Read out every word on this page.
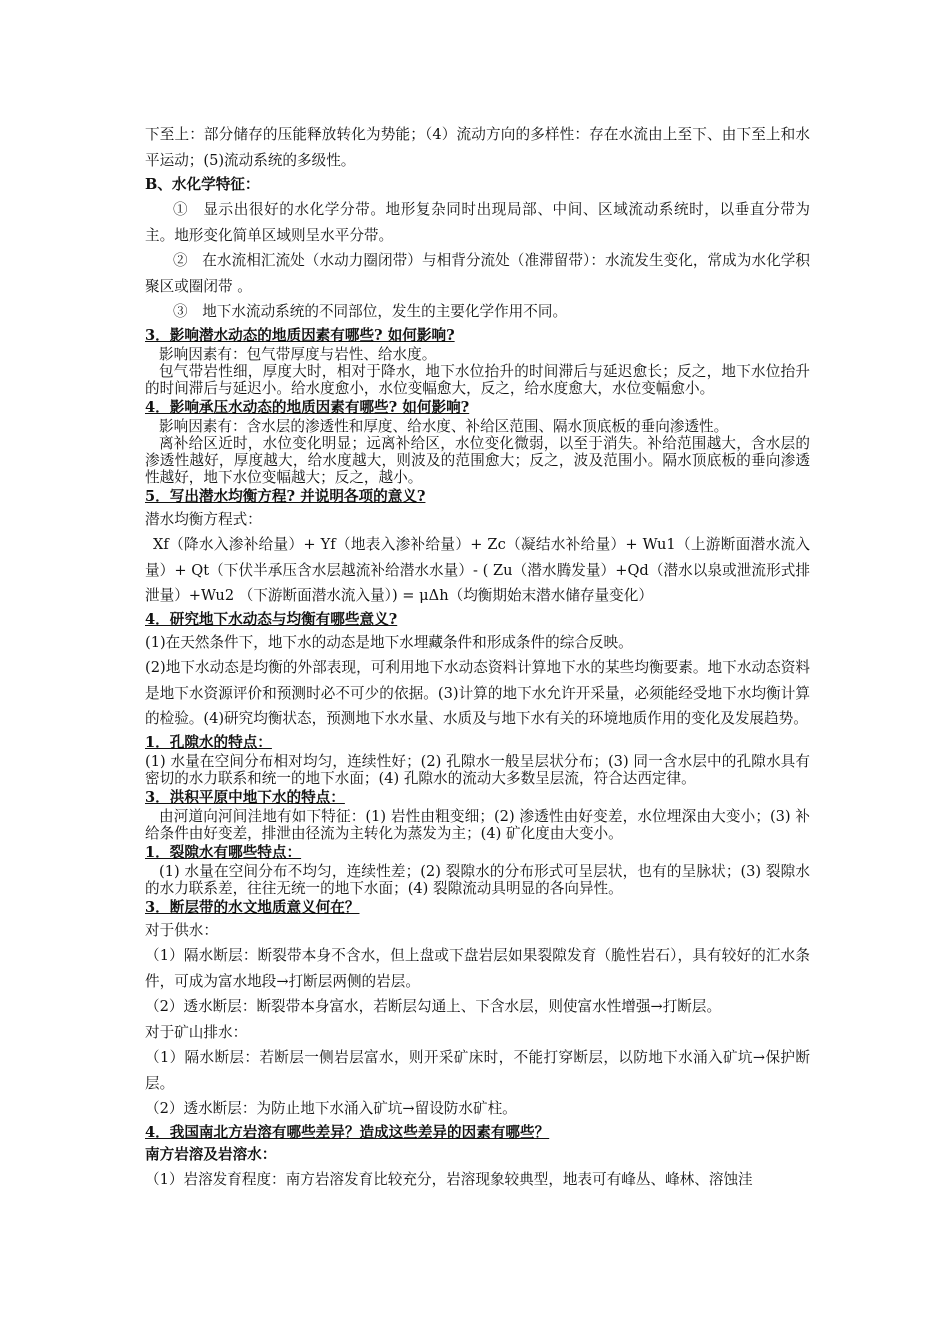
下至上：部分储存的压能释放转化为势能；（4）流动方向的多样性：存在水流由上至下、由下至上和水平运动；(5)流动系统的多级性。

B、水化学特征：

①　显示出很好的水化学分带。地形复杂同时出现局部、中间、区域流动系统时，以垂直分带为主。地形变化简单区域则呈水平分带。

②　在水流相汇流处（水动力圈闭带）与相背分流处（准滞留带）：水流发生变化，常成为水化学积聚区或圈闭带 。

③　地下水流动系统的不同部位，发生的主要化学作用不同。

3．影响潜水动态的地质因素有哪些? 如何影响?

影响因素有：包气带厚度与岩性、给水度。

包气带岩性细，厚度大时，相对于降水，地下水位抬升的时间滞后与延迟愈长；反之，地下水位抬升的时间滞后与延迟小。给水度愈小，水位变幅愈大，反之，给水度愈大，水位变幅愈小。

4．影响承压水动态的地质因素有哪些? 如何影响?

影响因素有：含水层的渗透性和厚度、给水度、补给区范围、隔水顶底板的垂向渗透性。

离补给区近时，水位变化明显；远离补给区，水位变化微弱，以至于消失。补给范围越大，含水层的渗透性越好，厚度越大，给水度越大，则波及的范围愈大；反之，波及范围小。隔水顶底板的垂向渗透性越好，地下水位变幅越大；反之，越小。

5．写出潜水均衡方程? 并说明各项的意义?

潜水均衡方程式：

Xf（降水入渗补给量）+ Yf（地表入渗补给量）+ Zc（凝结水补给量）+ Wu1（上游断面潜水流入量）+ Qt（下伏半承压含水层越流补给潜水水量）- ( Zu（潜水腾发量）+Qd（潜水以泉或泄流形式排泄量）+Wu2 （下游断面潜水流入量）) = μΔh（均衡期始末潜水储存量变化）

4．研究地下水动态与均衡有哪些意义?

(1)在天然条件下，地下水的动态是地下水埋藏条件和形成条件的综合反映。

(2)地下水动态是均衡的外部表现，可利用地下水动态资料计算地下水的某些均衡要素。地下水动态资料是地下水资源评价和预测时必不可少的依据。(3)计算的地下水允许开采量，必须能经受地下水均衡计算的检验。(4)研究均衡状态，预测地下水水量、水质及与地下水有关的环境地质作用的变化及发展趋势。

1．孔隙水的特点：

(1) 水量在空间分布相对均匀，连续性好；(2) 孔隙水一般呈层状分布；(3) 同一含水层中的孔隙水具有密切的水力联系和统一的地下水面；(4) 孔隙水的流动大多数呈层流，符合达西定律。

3．洪积平原中地下水的特点：

由河道向河间洼地有如下特征：(1) 岩性由粗变细；(2) 渗透性由好变差，水位埋深由大变小；(3) 补给条件由好变差，排泄由径流为主转化为蒸发为主；(4) 矿化度由大变小。

1．裂隙水有哪些特点：

(1) 水量在空间分布不均匀，连续性差；(2) 裂隙水的分布形式可呈层状，也有的呈脉状；(3) 裂隙水的水力联系差，往往无统一的地下水面；(4) 裂隙流动具明显的各向异性。

3．断层带的水文地质意义何在？

对于供水：

（1）隔水断层：断裂带本身不含水，但上盘或下盘岩层如果裂隙发育（脆性岩石），具有较好的汇水条件，可成为富水地段→打断层两侧的岩层。

（2）透水断层：断裂带本身富水，若断层勾通上、下含水层，则使富水性增强→打断层。

对于矿山排水：

（1）隔水断层：若断层一侧岩层富水，则开采矿床时，不能打穿断层，以防地下水涌入矿坑→保护断层。

（2）透水断层：为防止地下水涌入矿坑→留设防水矿柱。

4．我国南北方岩溶有哪些差异？造成这些差异的因素有哪些？

南方岩溶及岩溶水：

（1）岩溶发育程度：南方岩溶发育比较充分，岩溶现象较典型，地表可有峰丛、峰林、溶蚀洼
